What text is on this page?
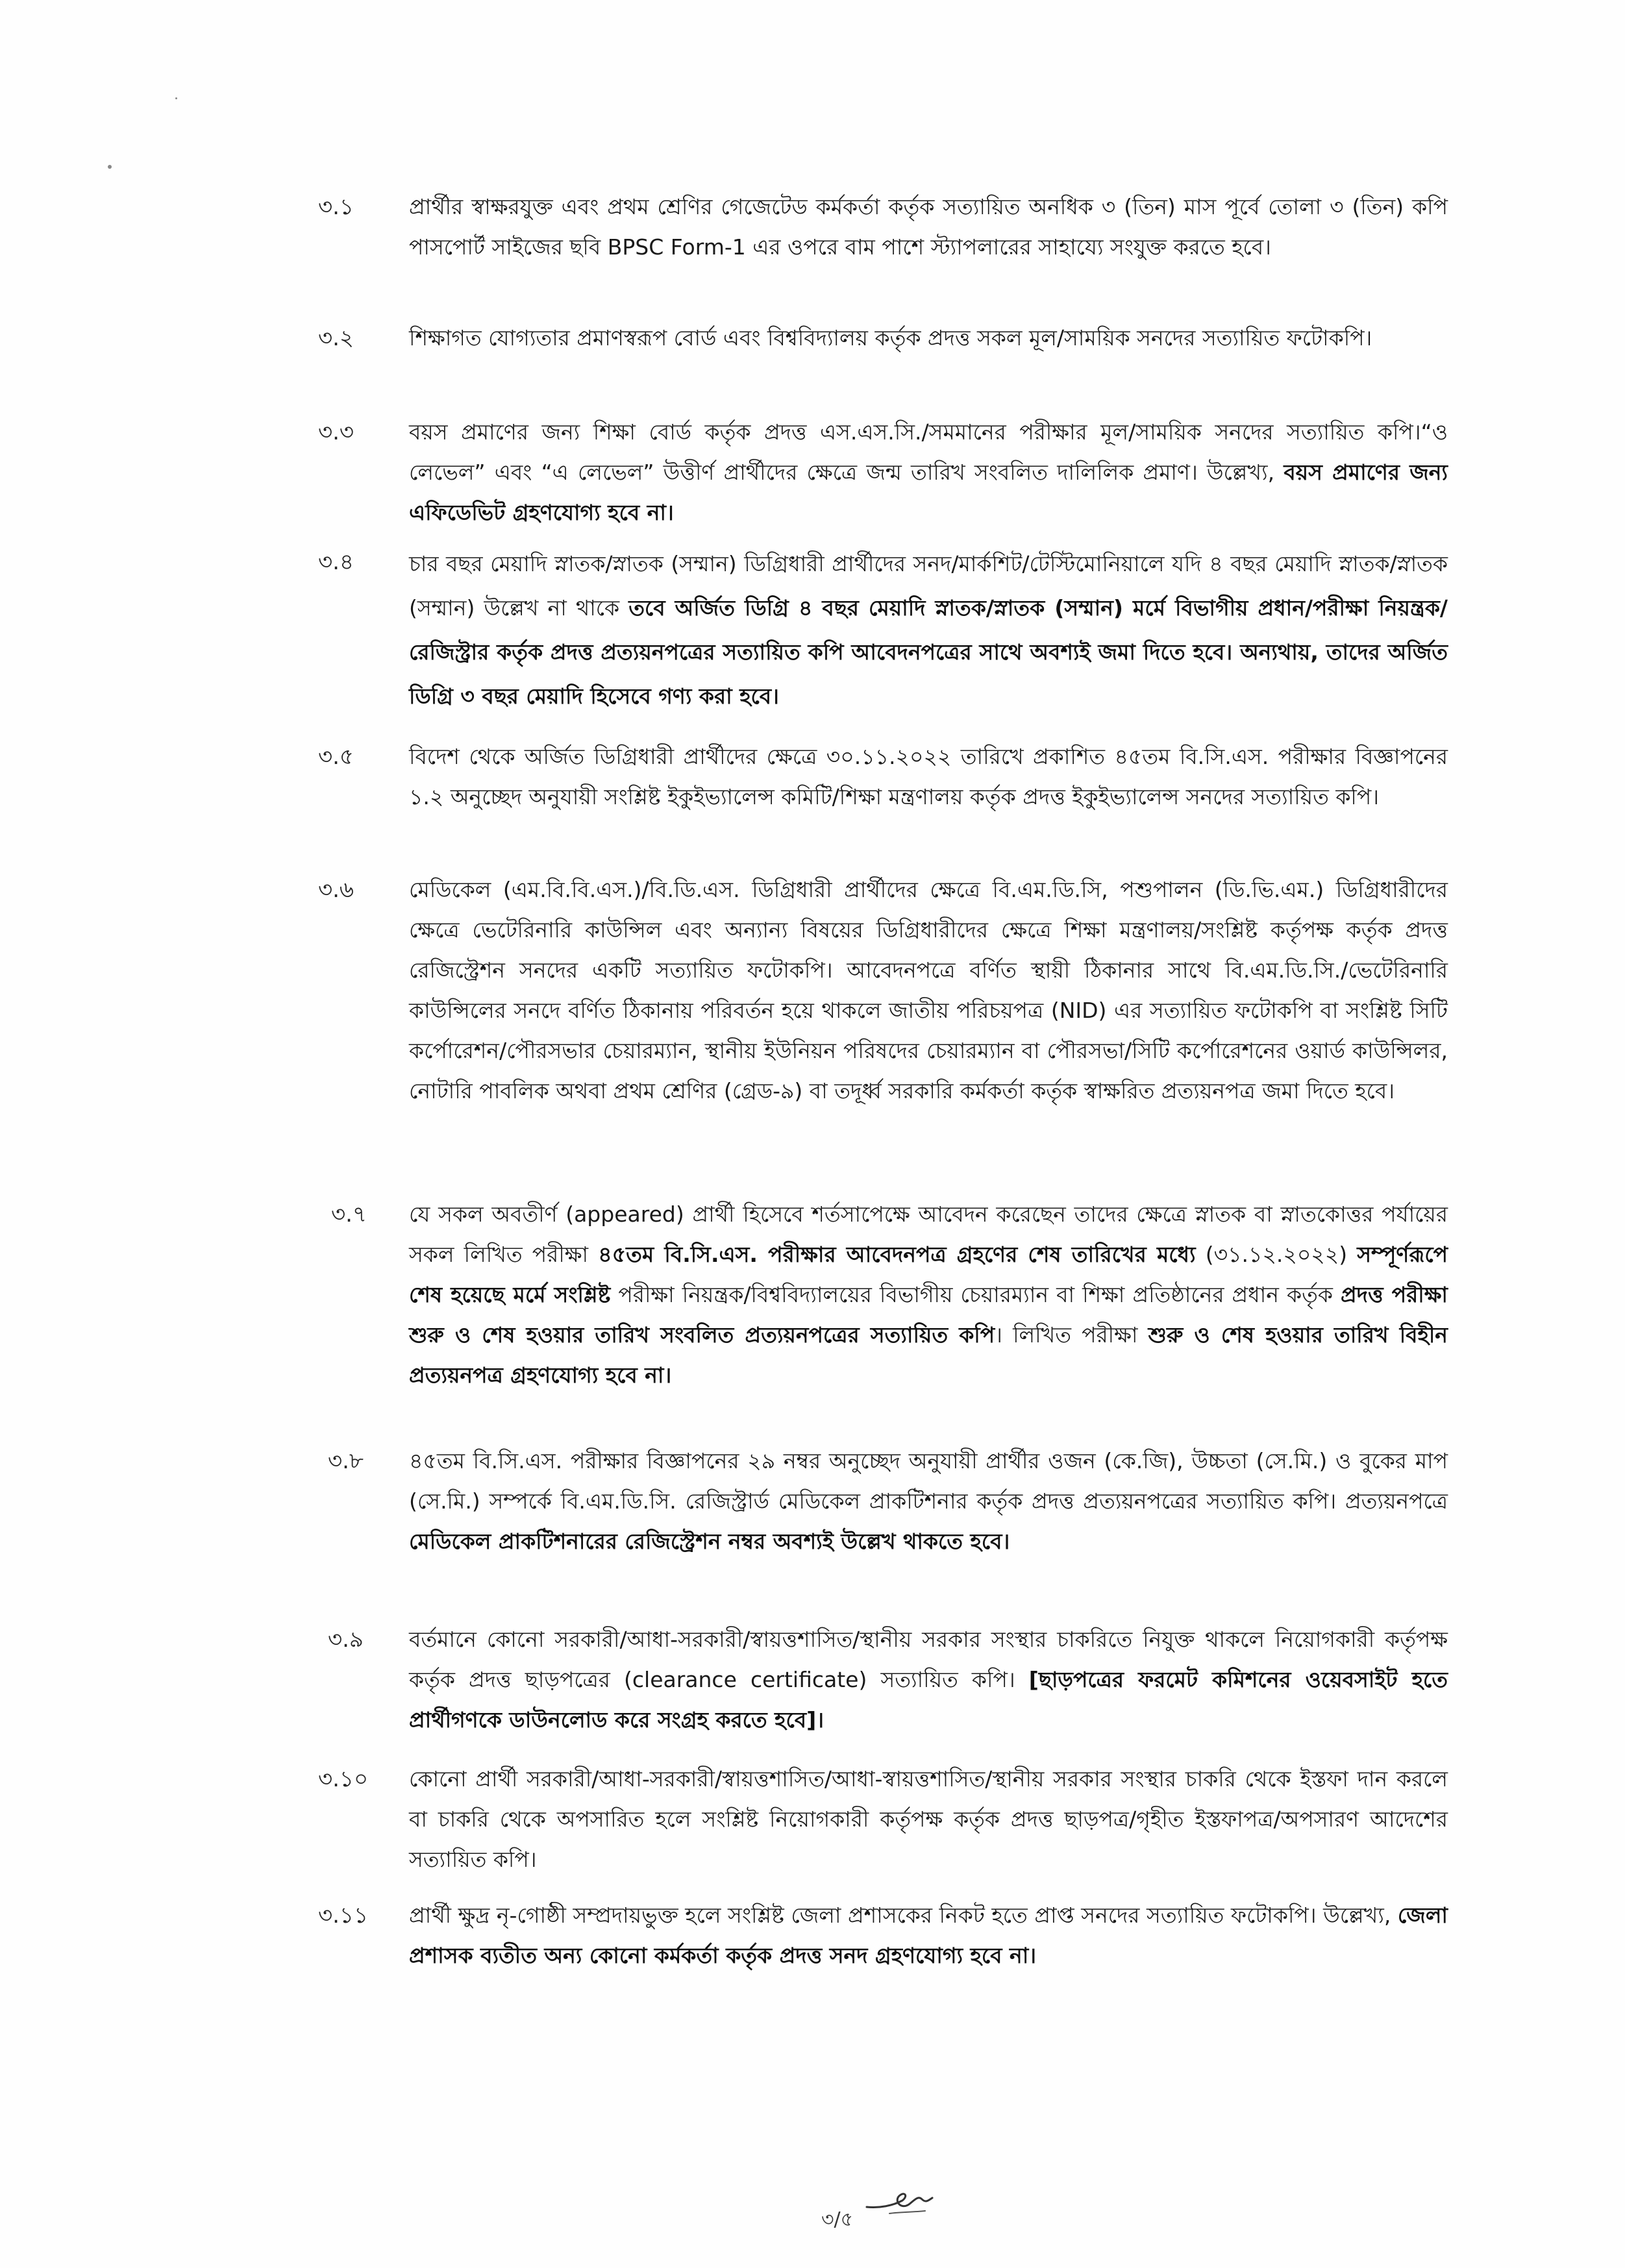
৩.১	প্রার্থীর স্বাক্ষরযুক্ত এবং প্রথম শ্রেণির গেজেটেড কর্মকর্তা কর্তৃক সত্যায়িত অনধিক ৩ (তিন) মাস পূর্বে তোলা ৩ (তিন) কপি পাসপোর্ট সাইজের ছবি BPSC Form-1 এর ওপরে বাম পাশে স্ট্যাপলারের সাহায্যে সংযুক্ত করতে হবে।
৩.২	শিক্ষাগত যোগ্যতার প্রমাণস্বরূপ বোর্ড এবং বিশ্ববিদ্যালয় কর্তৃক প্রদত্ত সকল মূল/সাময়িক সনদের সত্যায়িত ফটোকপি।
৩.৩	বয়স প্রমাণের জন্য শিক্ষা বোর্ড কর্তৃক প্রদত্ত এস.এস.সি./সমমানের পরীক্ষার মূল/সাময়িক সনদের সত্যায়িত কপি।“ও লেভেল” এবং “এ লেভেল” উত্তীর্ণ প্রার্থীদের ক্ষেত্রে জন্ম তারিখ সংবলিত দালিলিক প্রমাণ। উল্লেখ্য, বয়স প্রমাণের জন্য এফিডেভিট গ্রহণযোগ্য হবে না।
৩.৪	চার বছর মেয়াদি স্নাতক/স্নাতক (সম্মান) ডিগ্রিধারী প্রার্থীদের সনদ/মার্কশিট/টেস্টিমোনিয়ালে যদি ৪ বছর মেয়াদি স্নাতক/স্নাতক (সম্মান) উল্লেখ না থাকে তবে অর্জিত ডিগ্রি ৪ বছর মেয়াদি স্নাতক/স্নাতক (সম্মান) মর্মে বিভাগীয় প্রধান/পরীক্ষা নিয়ন্ত্রক/রেজিস্ট্রার কর্তৃক প্রদত্ত প্রত্যয়নপত্রের সত্যায়িত কপি আবেদনপত্রের সাথে অবশ্যই জমা দিতে হবে। অন্যথায়, তাদের অর্জিত ডিগ্রি ৩ বছর মেয়াদি হিসেবে গণ্য করা হবে।
৩.৫	বিদেশ থেকে অর্জিত ডিগ্রিধারী প্রার্থীদের ক্ষেত্রে ৩০.১১.২০২২ তারিখে প্রকাশিত ৪৫তম বি.সি.এস. পরীক্ষার বিজ্ঞাপনের ১.২ অনুচ্ছেদ অনুযায়ী সংশ্লিষ্ট ইকুইভ্যালেন্স কমিটি/শিক্ষা মন্ত্রণালয় কর্তৃক প্রদত্ত ইকুইভ্যালেন্স সনদের সত্যায়িত কপি।
৩.৬	মেডিকেল (এম.বি.বি.এস.)/বি.ডি.এস. ডিগ্রিধারী প্রার্থীদের ক্ষেত্রে বি.এম.ডি.সি, পশুপালন (ডি.ভি.এম.) ডিগ্রিধারীদের ক্ষেত্রে ভেটেরিনারি কাউন্সিল এবং অন্যান্য বিষয়ের ডিগ্রিধারীদের ক্ষেত্রে শিক্ষা মন্ত্রণালয়/সংশ্লিষ্ট কর্তৃপক্ষ কর্তৃক প্রদত্ত রেজিস্ট্রেশন সনদের একটি সত্যায়িত ফটোকপি। আবেদনপত্রে বর্ণিত স্থায়ী ঠিকানার সাথে বি.এম.ডি.সি./ভেটেরিনারি কাউন্সিলের সনদে বর্ণিত ঠিকানায় পরিবর্তন হয়ে থাকলে জাতীয় পরিচয়পত্র (NID) এর সত্যায়িত ফটোকপি বা সংশ্লিষ্ট সিটি কর্পোরেশন/পৌরসভার চেয়ারম্যান, স্থানীয় ইউনিয়ন পরিষদের চেয়ারম্যান বা পৌরসভা/সিটি কর্পোরেশনের ওয়ার্ড কাউন্সিলর, নোটারি পাবলিক অথবা প্রথম শ্রেণির (গ্রেড-৯) বা তদূর্ধ্ব সরকারি কর্মকর্তা কর্তৃক স্বাক্ষরিত প্রত্যয়নপত্র জমা দিতে হবে।
৩.৭	যে সকল অবতীর্ণ (appeared) প্রার্থী হিসেবে শর্তসাপেক্ষে আবেদন করেছেন তাদের ক্ষেত্রে স্নাতক বা স্নাতকোত্তর পর্যায়ের সকল লিখিত পরীক্ষা ৪৫তম বি.সি.এস. পরীক্ষার আবেদনপত্র গ্রহণের শেষ তারিখের মধ্যে (৩১.১২.২০২২) সম্পূর্ণরূপে শেষ হয়েছে মর্মে সংশ্লিষ্ট পরীক্ষা নিয়ন্ত্রক/বিশ্ববিদ্যালয়ের বিভাগীয় চেয়ারম্যান বা শিক্ষা প্রতিষ্ঠানের প্রধান কর্তৃক প্রদত্ত পরীক্ষা শুরু ও শেষ হওয়ার তারিখ সংবলিত প্রত্যয়নপত্রের সত্যায়িত কপি। লিখিত পরীক্ষা শুরু ও শেষ হওয়ার তারিখ বিহীন প্রত্যয়নপত্র গ্রহণযোগ্য হবে না।
৩.৮	৪৫তম বি.সি.এস. পরীক্ষার বিজ্ঞাপনের ২৯ নম্বর অনুচ্ছেদ অনুযায়ী প্রার্থীর ওজন (কে.জি), উচ্চতা (সে.মি.) ও বুকের মাপ (সে.মি.) সম্পর্কে বি.এম.ডি.সি. রেজিস্ট্রার্ড মেডিকেল প্রাকটিশনার কর্তৃক প্রদত্ত প্রত্যয়নপত্রের সত্যায়িত কপি। প্রত্যয়নপত্রে মেডিকেল প্রাকটিশনারের রেজিস্ট্রেশন নম্বর অবশ্যই উল্লেখ থাকতে হবে।
৩.৯	বর্তমানে কোনো সরকারী/আধা-সরকারী/স্বায়ত্তশাসিত/স্থানীয় সরকার সংস্থার চাকরিতে নিযুক্ত থাকলে নিয়োগকারী কর্তৃপক্ষ কর্তৃক প্রদত্ত ছাড়পত্রের (clearance certificate) সত্যায়িত কপি। [ছাড়পত্রের ফরমেট কমিশনের ওয়েবসাইট হতে প্রার্থীগণকে ডাউনলোড করে সংগ্রহ করতে হবে]।
৩.১০	কোনো প্রার্থী সরকারী/আধা-সরকারী/স্বায়ত্তশাসিত/আধা-স্বায়ত্তশাসিত/স্থানীয় সরকার সংস্থার চাকরি থেকে ইস্তফা দান করলে বা চাকরি থেকে অপসারিত হলে সংশ্লিষ্ট নিয়োগকারী কর্তৃপক্ষ কর্তৃক প্রদত্ত ছাড়পত্র/গৃহীত ইস্তফাপত্র/অপসারণ আদেশের সত্যায়িত কপি।
৩.১১	প্রার্থী ক্ষুদ্র নৃ-গোষ্ঠী সম্প্রদায়ভুক্ত হলে সংশ্লিষ্ট জেলা প্রশাসকের নিকট হতে প্রাপ্ত সনদের সত্যায়িত ফটোকপি। উল্লেখ্য, জেলা প্রশাসক ব্যতীত অন্য কোনো কর্মকর্তা কর্তৃক প্রদত্ত সনদ গ্রহণযোগ্য হবে না।
৩/৫
